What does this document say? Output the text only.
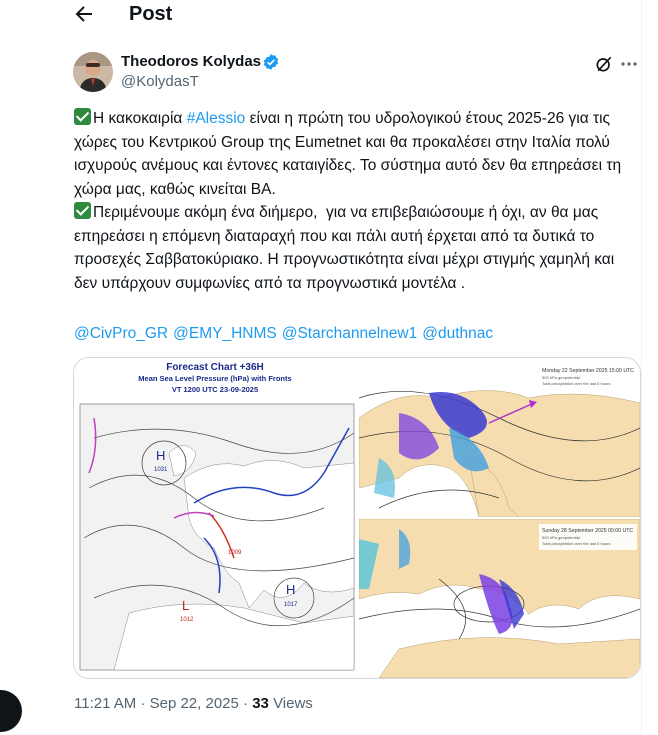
Post
Theodoros Kolydas
@KolydasT
Η κακοκαιρία #Alessio είναι η πρώτη του υδρολογικού έτους 2025-26 για τις χώρες του Κεντρικού Group της Eumetnet και θα προκαλέσει στην Ιταλία πολύ ισχυρούς ανέμους και έντονες καταιγίδες. Το σύστημα αυτό δεν θα επηρεάσει τη χώρα μας, καθώς κινείται ΒΑ.
Περιμένουμε ακόμη ένα διήμερο,  για να επιβεβαιώσουμε ή όχι, αν θα μας επηρεάσει η επόμενη διαταραχή που και πάλι αυτή έρχεται από τα δυτικά το προσεχές Σαββατοκύριακο. Η προγνωστικότητα είναι μέχρι στιγμής χαμηλή και δεν υπάρχουν συμφωνίες από τα προγνωστικά μοντέλα .
@CivPro_GR @EMY_HNMS @Starchannelnew1 @duthnac
Forecast Chart +36H
Mean Sea Level Pressure (hPa) with Fronts
VT 1200 UTC 23-09-2025
H
1031
H
1017
L
1012
1009
Monday 22 September 2025 15:00 UTC
500 hPa geopotential
Total precipitation over the last 6 hours
Sunday 28 September 2025 00:00 UTC
500 hPa geopotential
Total precipitation over the last 6 hours
11:21 AM · Sep 22, 2025 · 33 Views
